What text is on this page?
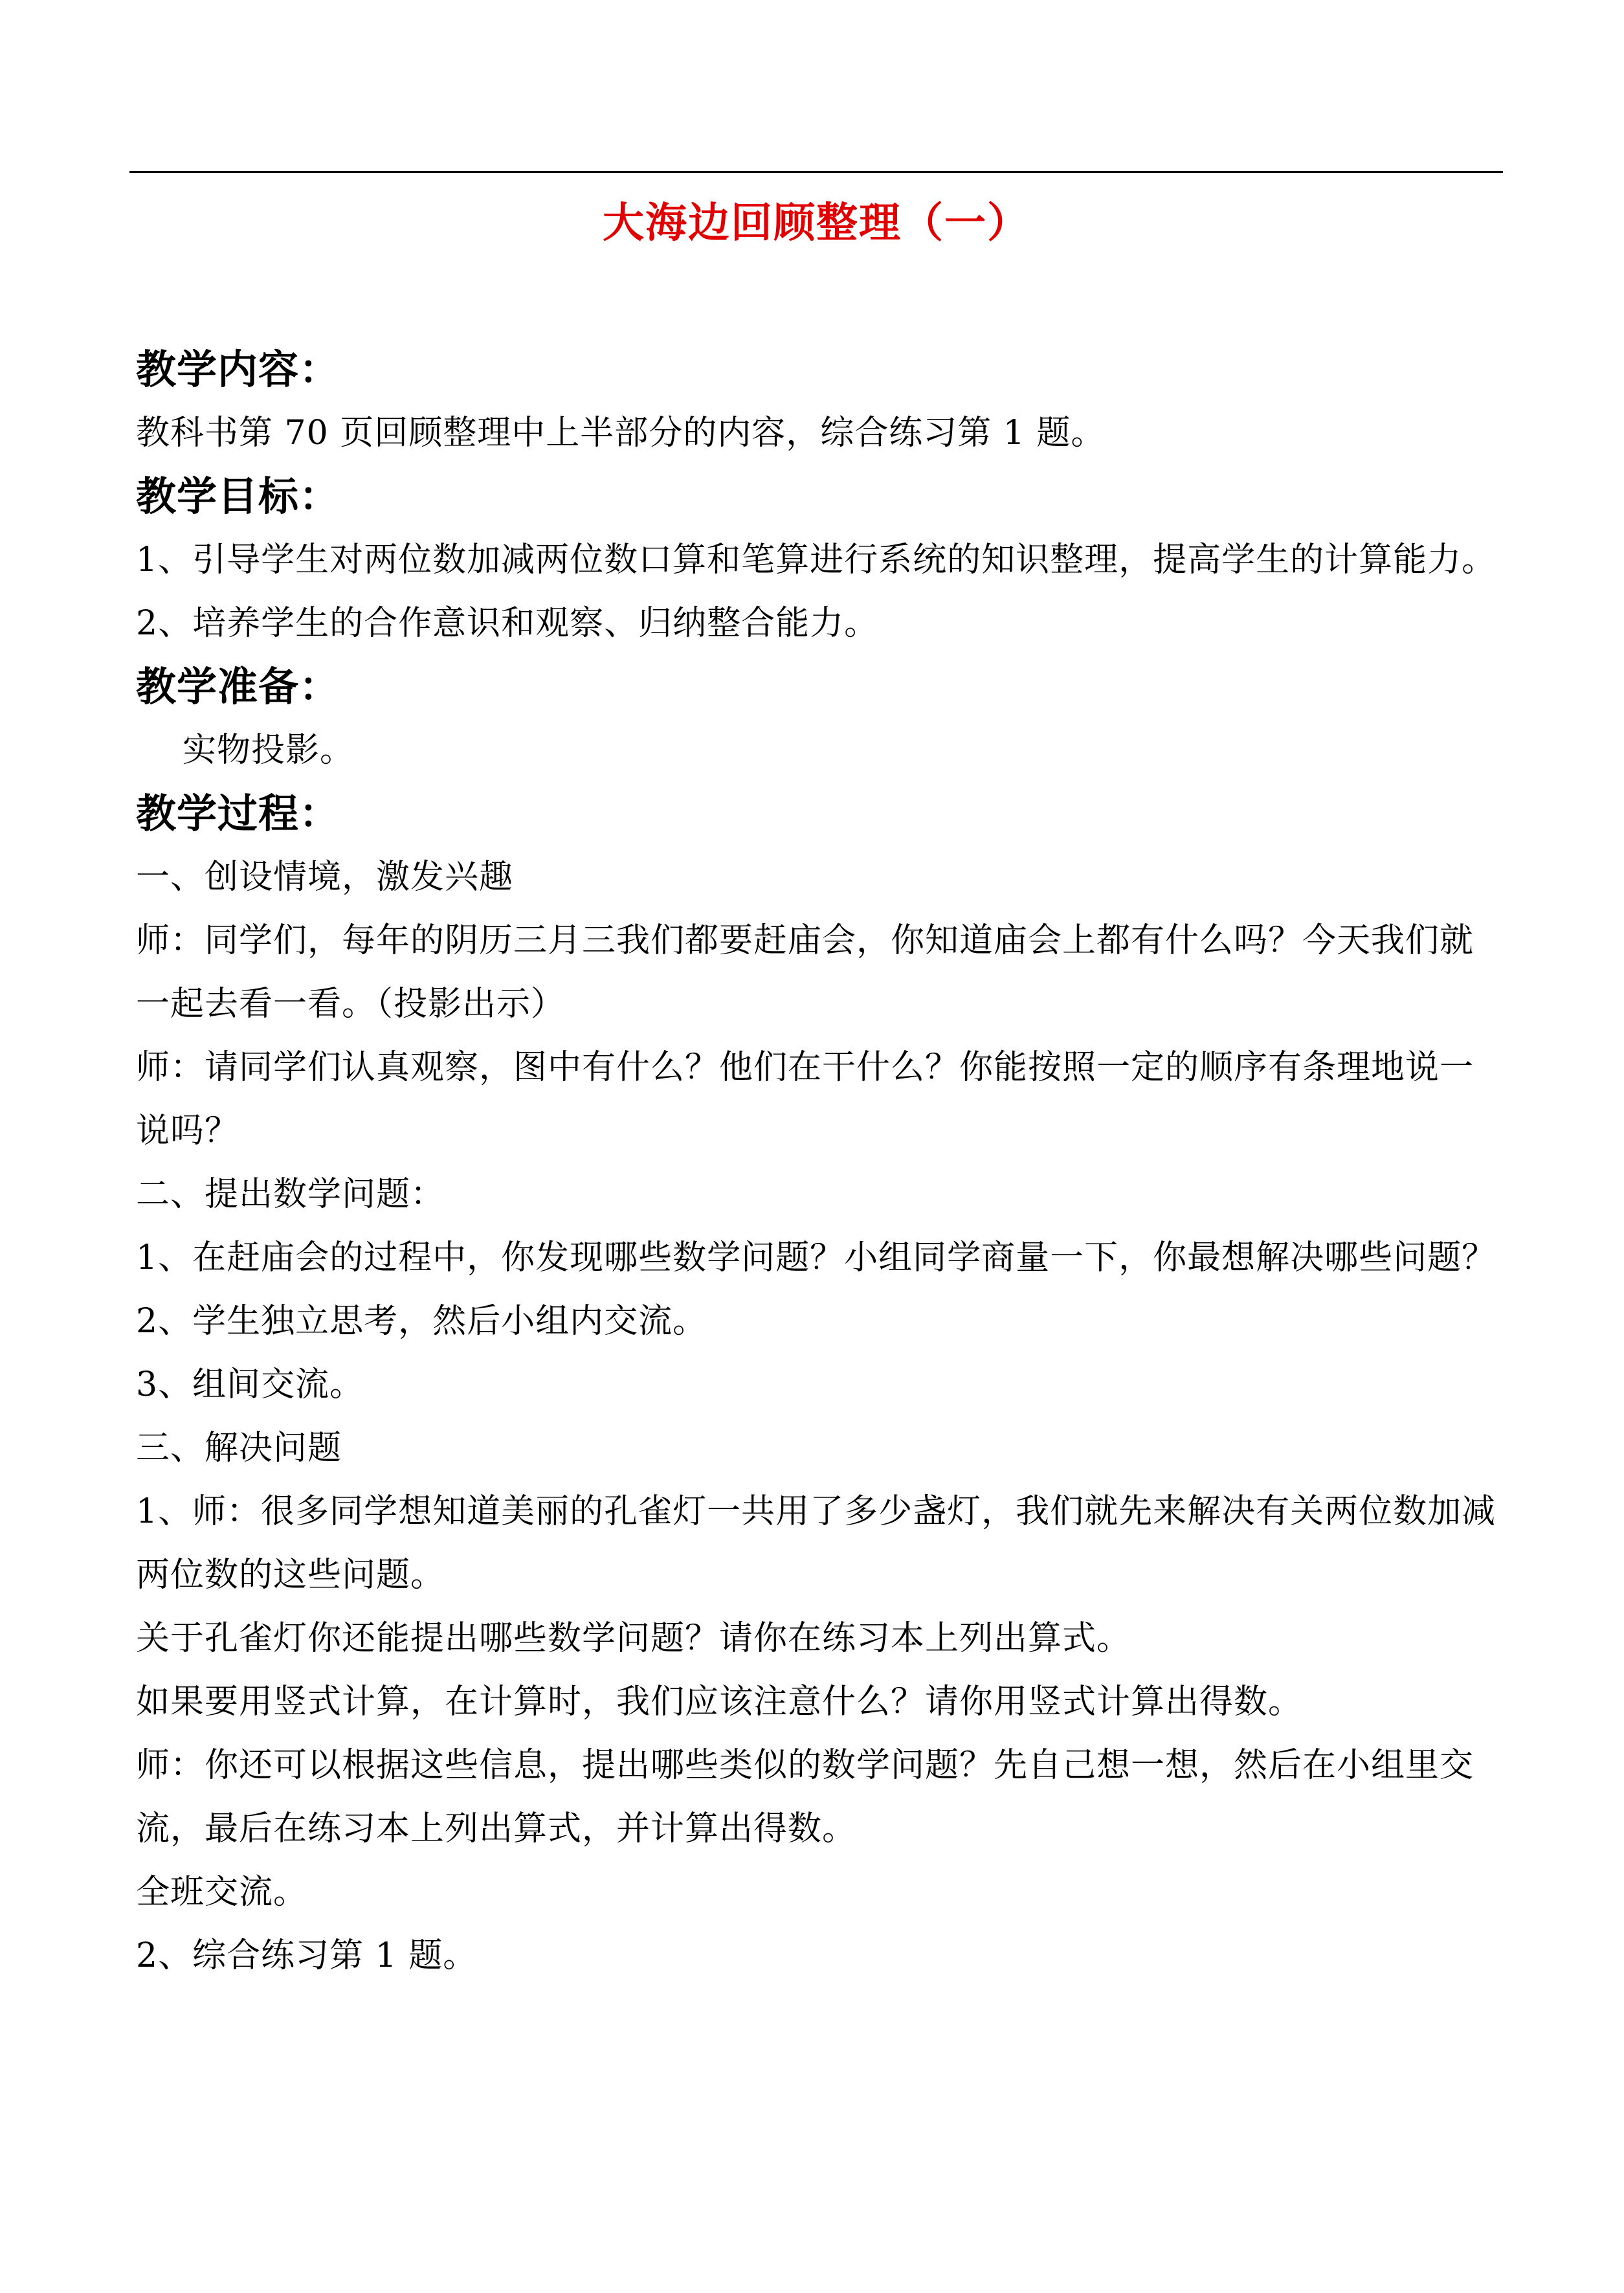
大海边回顾整理（一）
教学内容：

教科书第 70 页回顾整理中上半部分的内容，综合练习第 1 题。

教学目标：

1、引导学生对两位数加减两位数口算和笔算进行系统的知识整理，提高学生的计算能力。

2、培养学生的合作意识和观察、归纳整合能力。

教学准备：

实物投影。

教学过程：

一、创设情境，激发兴趣

师：同学们，每年的阴历三月三我们都要赶庙会，你知道庙会上都有什么吗？今天我们就一起去看一看。（投影出示）

师：请同学们认真观察，图中有什么？他们在干什么？你能按照一定的顺序有条理地说一说吗？

二、提出数学问题：

1、在赶庙会的过程中，你发现哪些数学问题？小组同学商量一下，你最想解决哪些问题？

2、学生独立思考，然后小组内交流。

3、组间交流。

三、解决问题

1、师：很多同学想知道美丽的孔雀灯一共用了多少盏灯，我们就先来解决有关两位数加减两位数的这些问题。

关于孔雀灯你还能提出哪些数学问题？请你在练习本上列出算式。

如果要用竖式计算，在计算时，我们应该注意什么？请你用竖式计算出得数。

师：你还可以根据这些信息，提出哪些类似的数学问题？先自己想一想，然后在小组里交流，最后在练习本上列出算式，并计算出得数。

全班交流。

2、综合练习第 1 题。
